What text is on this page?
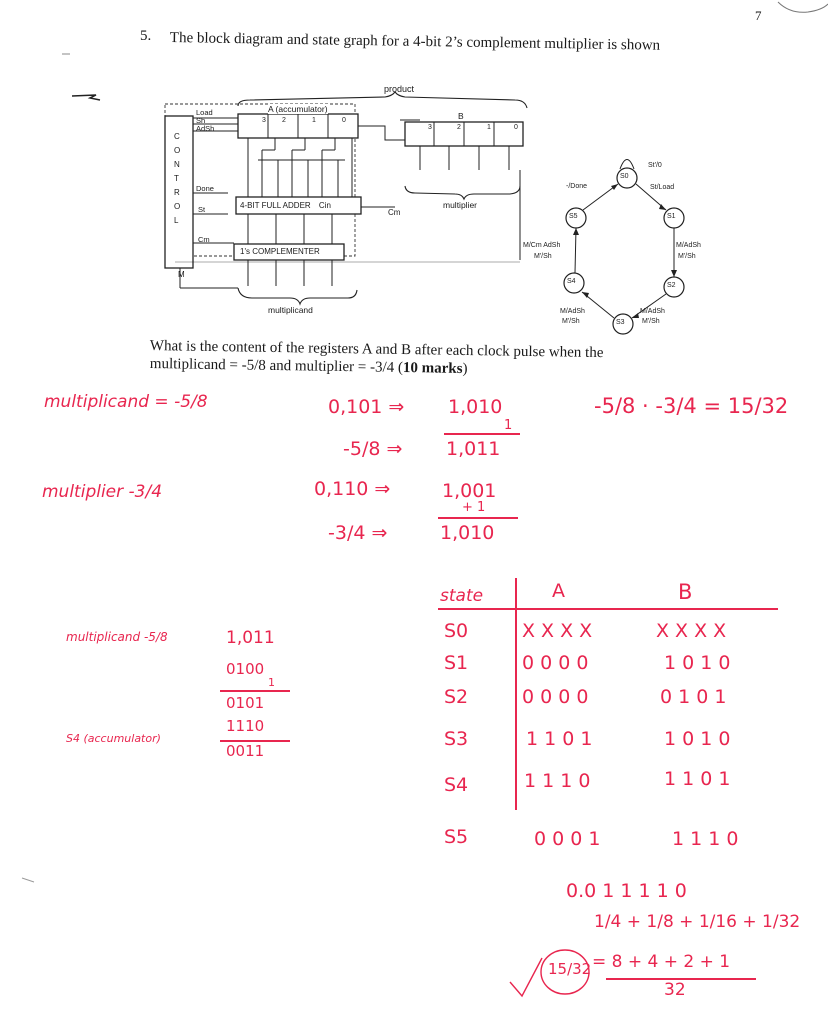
7
5. The block diagram and state graph for a 4-bit 2’s complement multiplier is shown
product
A (accumulator)
B
3 2	1	0
3	2	1	0
4-BIT FULL ADDER Cin
Cm
1's COMPLEMENTER
multiplier
multiplicand
M
C
O
N
T
R
O
L
Load
Sh
AdSh
Done
St
Cm
S0
S1
S2
S3
S4
S5
St'/0
St/Load
-/Done
M/AdSh
M'/Sh
M/AdSh
M'/Sh
M/AdSh
M'/Sh
M/Cm AdSh
M'/Sh
What is the content of the registers A and B after each clock pulse when the
multiplicand = -5/8 and multiplier = -3/4 (10 marks)
multiplicand = -5/8
multiplier -3/4
0,101 ⇒ 1,010
1
-5/8 ⇒ 1,011
0,110 ⇒	1,001
+ 1
-3/4 ⇒	1,010
-5/8 · -3/4 = 15/32
multiplicand -5/8	1,011
0100
1
0101
1110
0011
S4 (accumulator)
state	A	B
S0	X X X X	X X X X
S1	0 0 0 0	1 0 1 0
S2	0 0 0 0	0 1 0 1
S3	1 1 0 1	1 0 1 0
S4	1 1 1 0	1 1 0 1
S5	0 0 0 1	1 1 1 0
0.0 1 1 1 1 0
1/4 + 1/8 + 1/16 + 1/32
15/32 = 8 + 4 + 2 + 1
32
